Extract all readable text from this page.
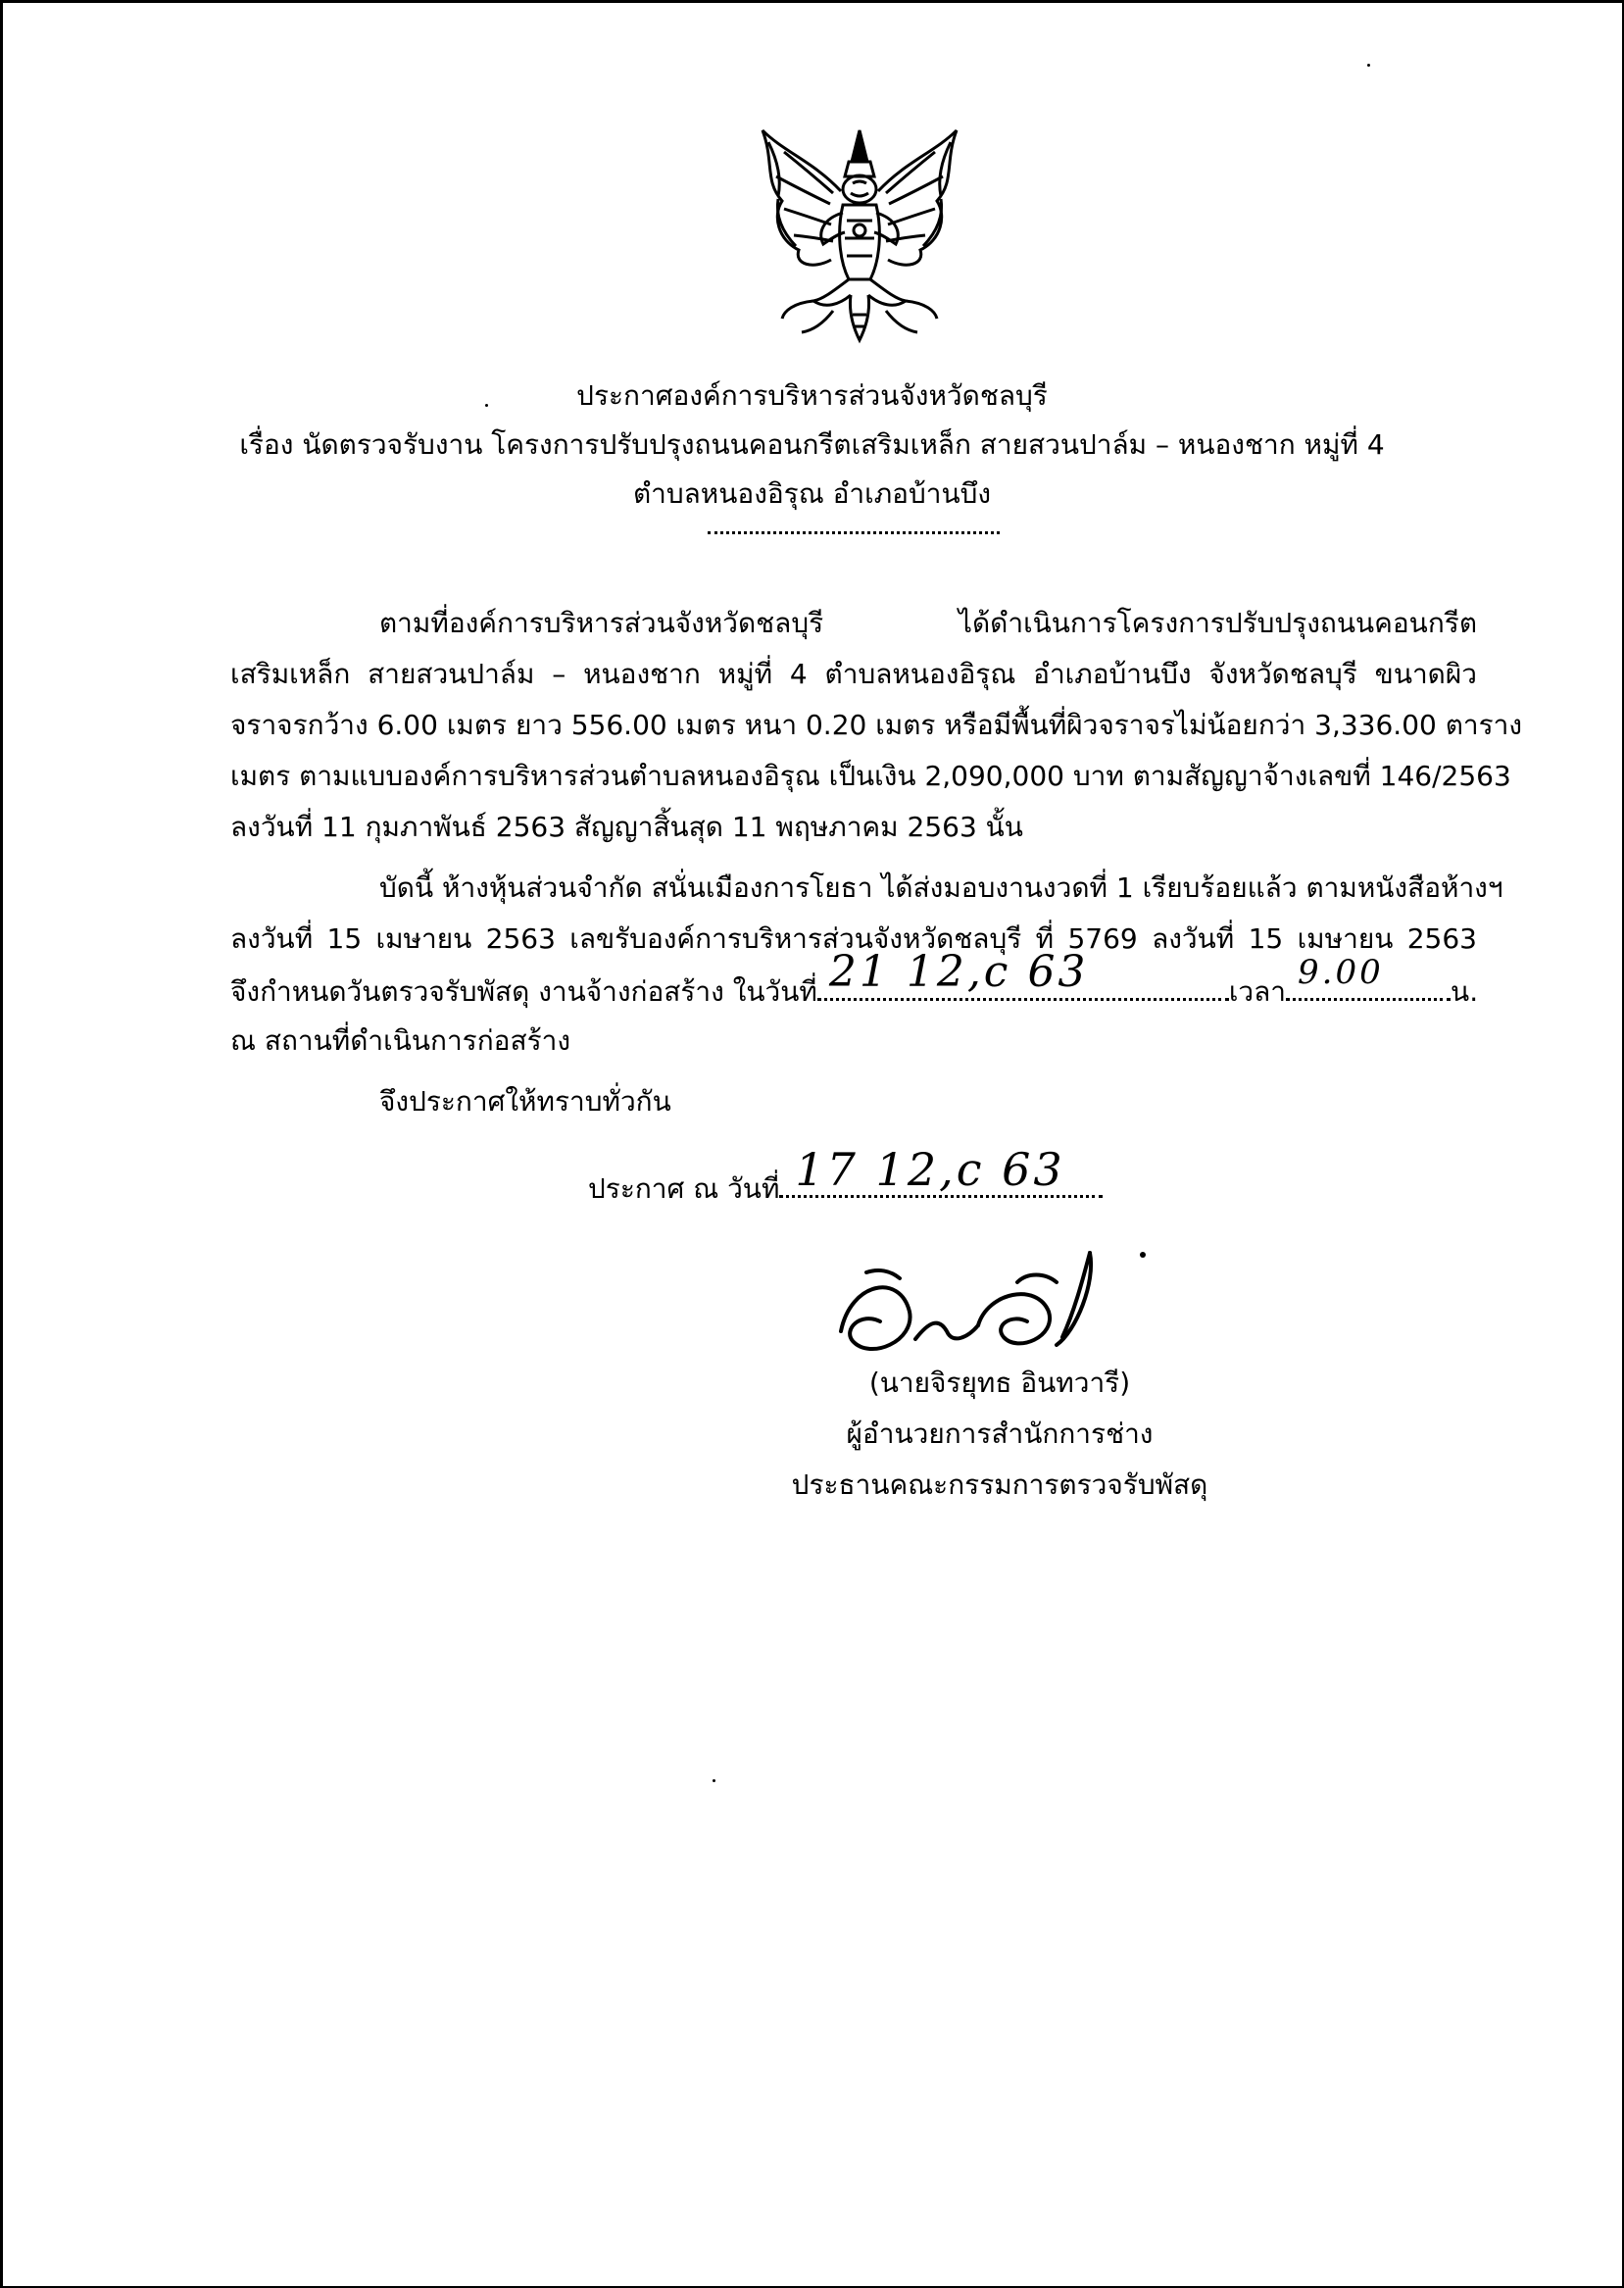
ประกาศองค์การบริหารส่วนจังหวัดชลบุรี
เรื่อง นัดตรวจรับงาน โครงการปรับปรุงถนนคอนกรีตเสริมเหล็ก สายสวนปาล์ม – หนองชาก หมู่ที่ 4
ตำบลหนองอิรุณ อำเภอบ้านบึง
ตามที่องค์การบริหารส่วนจังหวัดชลบุรี ได้ดำเนินการโครงการปรับปรุงถนนคอนกรีต
เสริมเหล็ก สายสวนปาล์ม – หนองชาก หมู่ที่ 4 ตำบลหนองอิรุณ อำเภอบ้านบึง จังหวัดชลบุรี ขนาดผิว
จราจรกว้าง 6.00 เมตร ยาว 556.00 เมตร หนา 0.20 เมตร หรือมีพื้นที่ผิวจราจรไม่น้อยกว่า 3,336.00 ตาราง
เมตร ตามแบบองค์การบริหารส่วนตำบลหนองอิรุณ เป็นเงิน 2,090,000 บาท ตามสัญญาจ้างเลขที่ 146/2563
ลงวันที่ 11 กุมภาพันธ์ 2563 สัญญาสิ้นสุด 11 พฤษภาคม 2563 นั้น
บัดนี้ ห้างหุ้นส่วนจำกัด สนั่นเมืองการโยธา ได้ส่งมอบงานงวดที่ 1 เรียบร้อยแล้ว ตามหนังสือห้างฯ
ลงวันที่ 15 เมษายน 2563 เลขรับองค์การบริหารส่วนจังหวัดชลบุรี ที่ 5769 ลงวันที่ 15 เมษายน 2563
จึงกำหนดวันตรวจรับพัสดุ งานจ้างก่อสร้าง ในวันที่ 21 12,c 63	เวลา 9.00 น.
ณ สถานที่ดำเนินการก่อสร้าง
จึงประกาศให้ทราบทั่วกัน
ประกาศ ณ วันที่ 17 12,c 63
(นายจิรยุทธ อินทวารี)
ผู้อำนวยการสำนักการช่าง
ประธานคณะกรรมการตรวจรับพัสดุ
